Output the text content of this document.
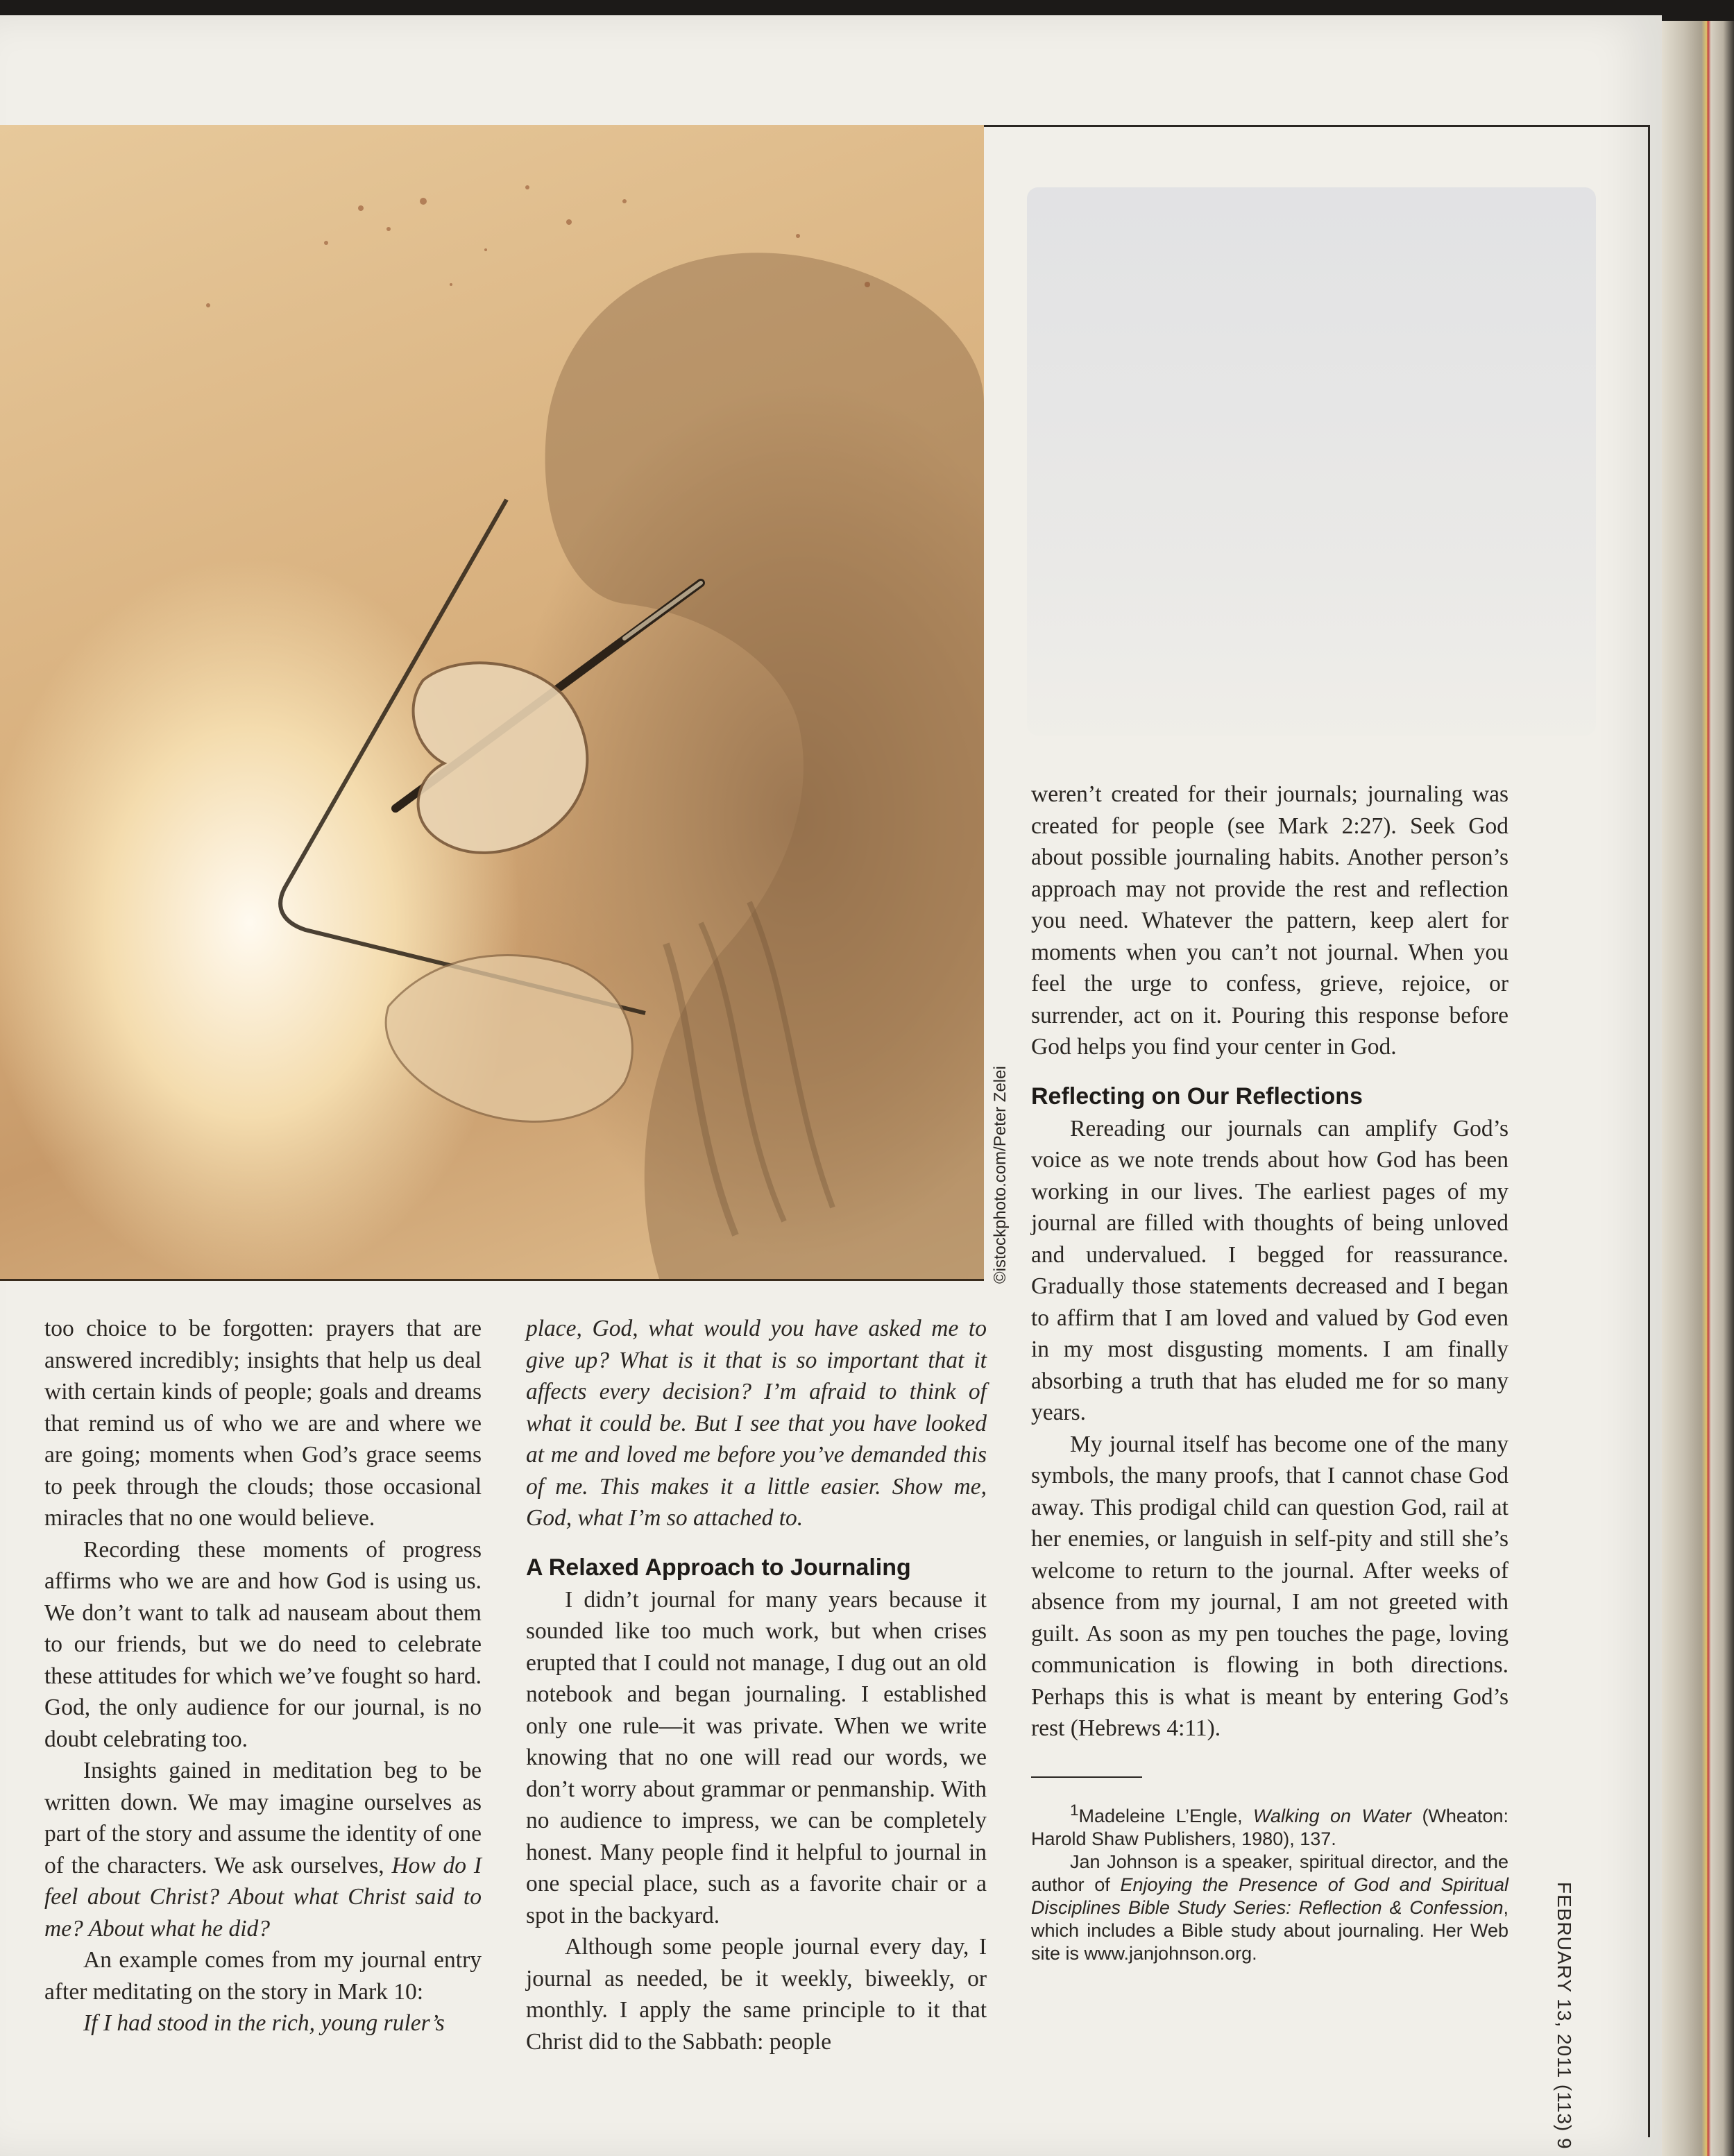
too choice to be forgotten: prayers that are answered incredibly; insights that help us deal with certain kinds of people; goals and dreams that remind us of who we are and where we are going; moments when God’s grace seems to peek through the clouds; those occasional miracles that no one would believe.

Recording these moments of progress affirms who we are and how God is using us. We don’t want to talk ad nauseam about them to our friends, but we do need to celebrate these attitudes for which we’ve fought so hard. God, the only audience for our journal, is no doubt celebrating too.

Insights gained in meditation beg to be written down. We may imagine ourselves as part of the story and assume the identity of one of the characters. We ask ourselves, How do I feel about Christ? About what Christ said to me? About what he did?

An example comes from my journal entry after meditating on the story in Mark 10:

If I had stood in the rich, young ruler’s

place, God, what would you have asked me to give up? What is it that is so important that it affects every decision? I’m afraid to think of what it could be. But I see that you have looked at me and loved me before you’ve demanded this of me. This makes it a little easier. Show me, God, what I’m so attached to.

A Relaxed Approach to Journaling

I didn’t journal for many years because it sounded like too much work, but when crises erupted that I could not manage, I dug out an old notebook and began journaling. I established only one rule—it was private. When we write knowing that no one will read our words, we don’t worry about grammar or penmanship. With no audience to impress, we can be completely honest. Many people find it helpful to journal in one special place, such as a favorite chair or a spot in the backyard.

Although some people journal every day, I journal as needed, be it weekly, biweekly, or monthly. I apply the same principle to it that Christ did to the Sabbath: people

weren’t created for their journals; journaling was created for people (see Mark 2:27). Seek God about possible journaling habits. Another person’s approach may not provide the rest and reflection you need. Whatever the pattern, keep alert for moments when you can’t not journal. When you feel the urge to confess, grieve, rejoice, or surrender, act on it. Pouring this response before God helps you find your center in God.

Reflecting on Our Reflections

Rereading our journals can amplify God’s voice as we note trends about how God has been working in our lives. The earliest pages of my journal are filled with thoughts of being unloved and undervalued. I begged for reassurance. Gradually those statements decreased and I began to affirm that I am loved and valued by God even in my most disgusting moments. I am finally absorbing a truth that has eluded me for so many years.

My journal itself has become one of the many symbols, the many proofs, that I cannot chase God away. This prodigal child can question God, rail at her enemies, or languish in self-pity and still she’s welcome to return to the journal. After weeks of absence from my journal, I am not greeted with guilt. As soon as my pen touches the page, loving communication is flowing in both directions. Perhaps this is what is meant by entering God’s rest (Hebrews 4:11).

$^1$Madeleine L’Engle, Walking on Water (Wheaton: Harold Shaw Publishers, 1980), 137.

Jan Johnson is a speaker, spiritual director, and the author of Enjoying the Presence of God and Spiritual Disciplines Bible Study Series: Reflection & Confession, which includes a Bible study about journaling. Her Web site is www.janjohnson.org.	FEBRUARY 13, 2011 (113) 9
